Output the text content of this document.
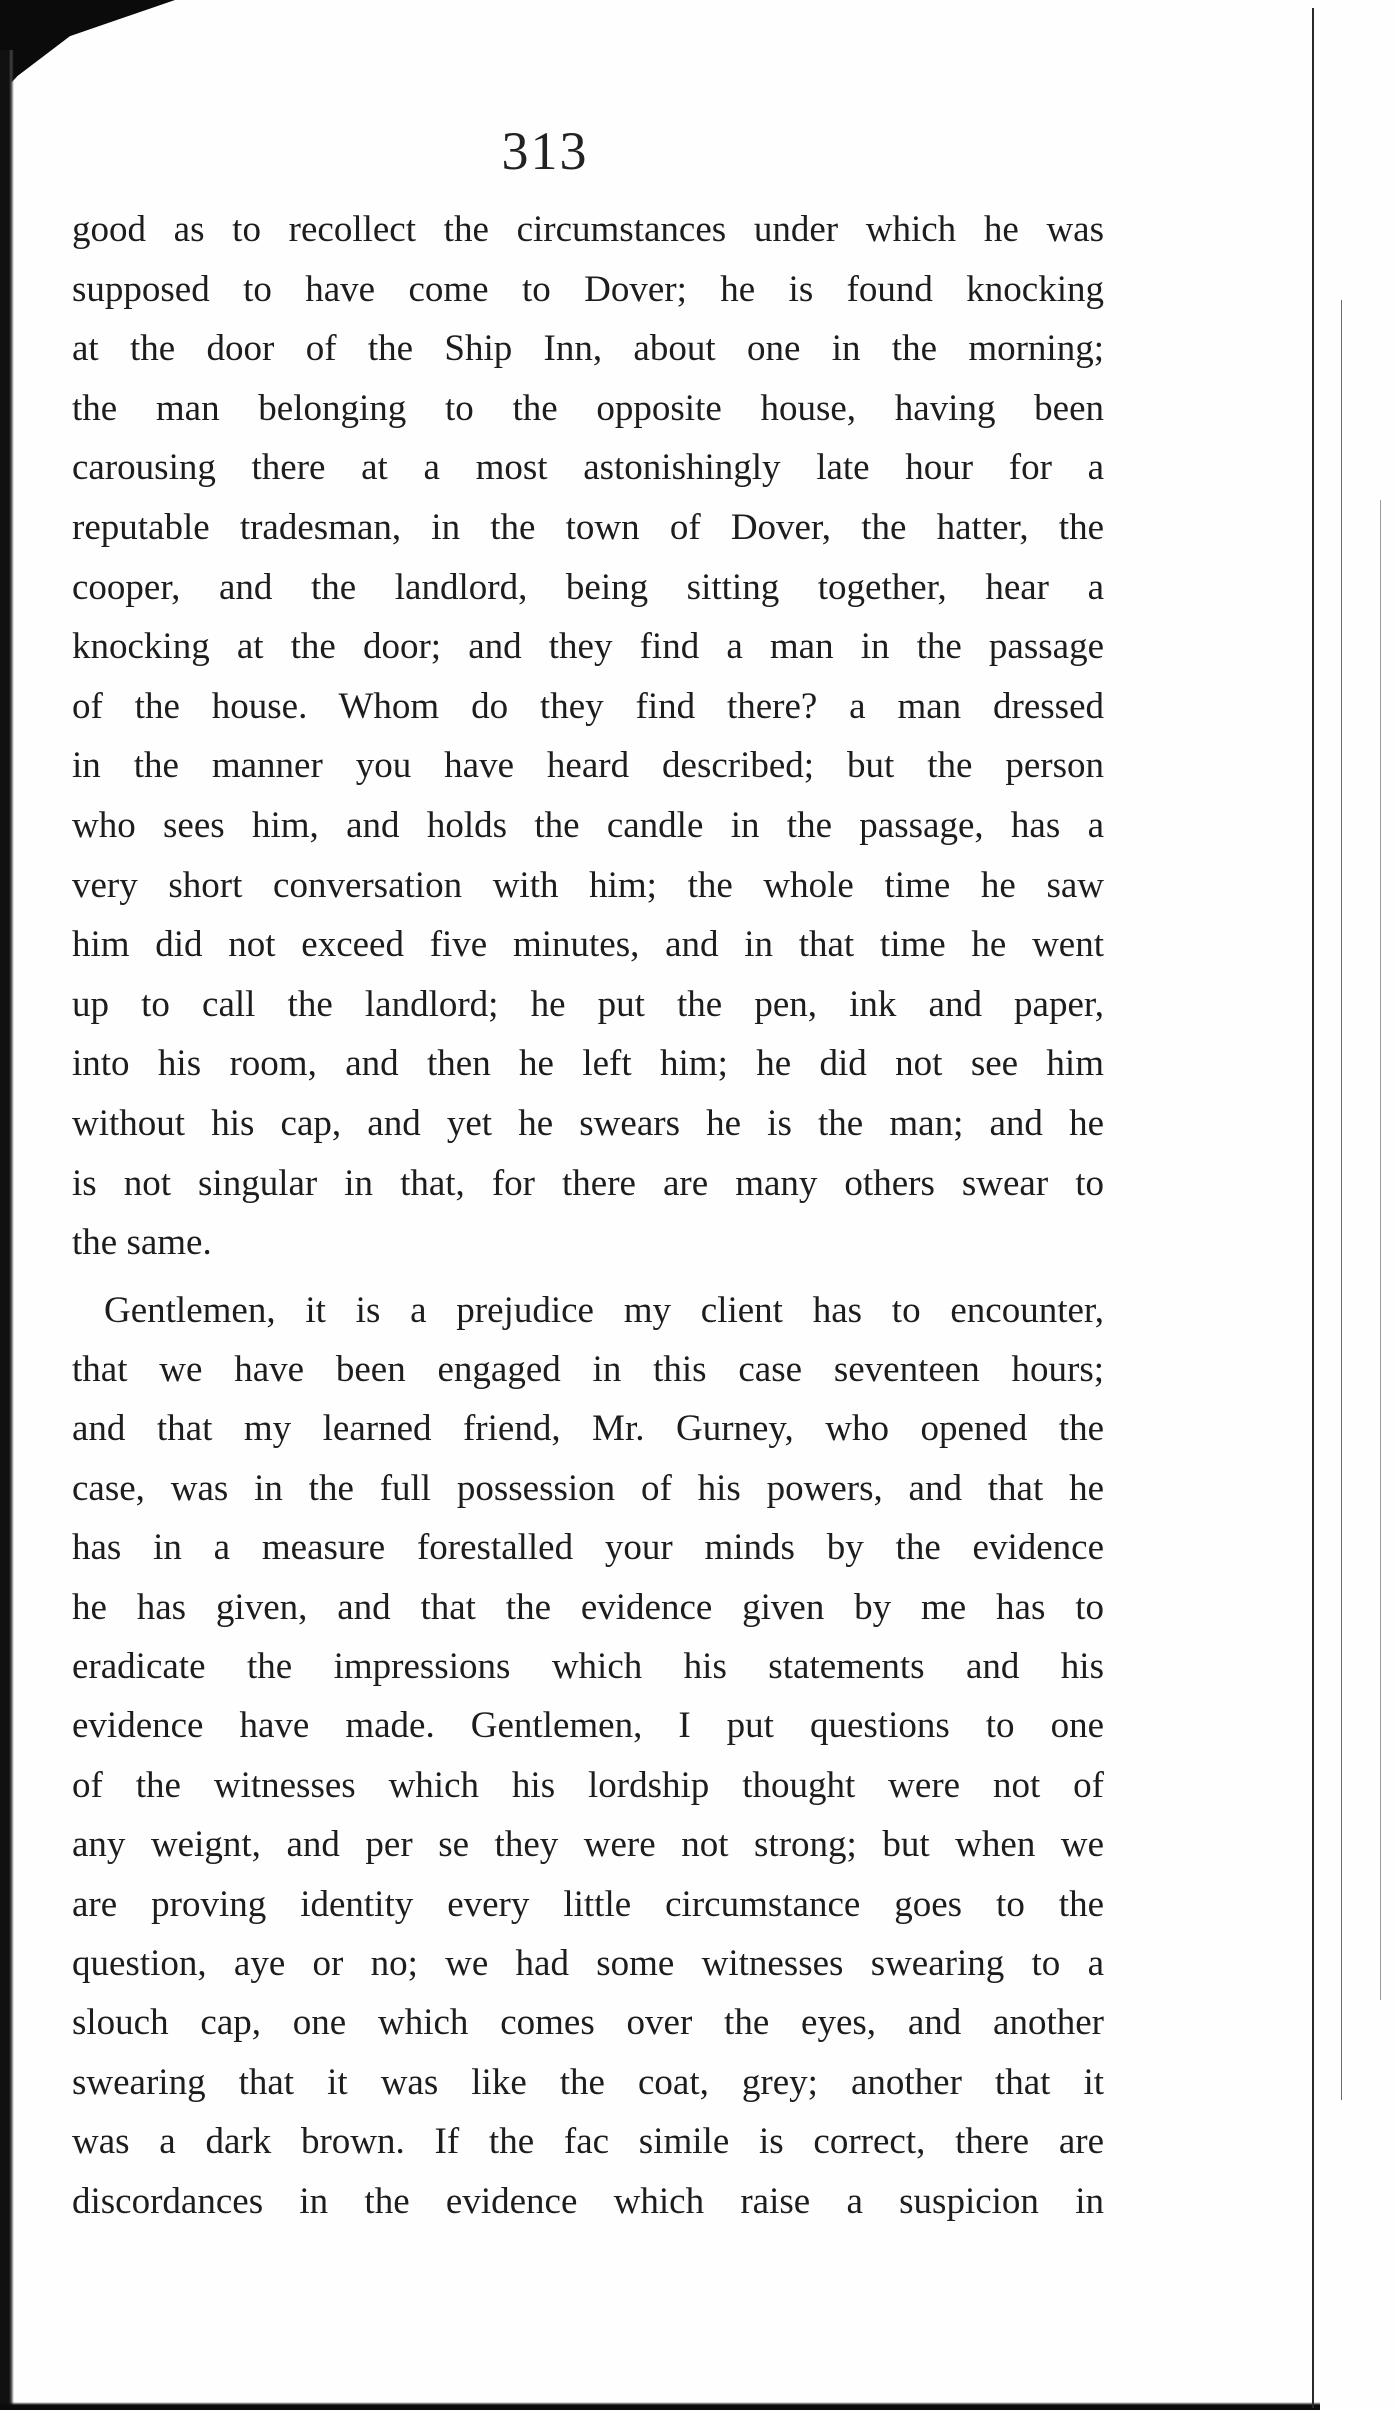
313
good as to recollect the circumstances under which he was
supposed to have come to Dover; he is found knocking
at the door of the Ship Inn, about one in the morning;
the man belonging to the opposite house, having been
carousing there at a most astonishingly late hour for a
reputable tradesman, in the town of Dover, the hatter, the
cooper, and the landlord, being sitting together, hear a
knocking at the door; and they find a man in the passage
of the house. Whom do they find there? a man dressed
in the manner you have heard described; but the person
who sees him, and holds the candle in the passage, has a
very short conversation with him; the whole time he saw
him did not exceed five minutes, and in that time he went
up to call the landlord; he put the pen, ink and paper,
into his room, and then he left him; he did not see him
without his cap, and yet he swears he is the man; and he
is not singular in that, for there are many others swear to
the same.
Gentlemen, it is a prejudice my client has to encounter,
that we have been engaged in this case seventeen hours;
and that my learned friend, Mr. Gurney, who opened the
case, was in the full possession of his powers, and that he
has in a measure forestalled your minds by the evidence
he has given, and that the evidence given by me has to
eradicate the impressions which his statements and his
evidence have made. Gentlemen, I put questions to one
of the witnesses which his lordship thought were not of
any weignt, and per se they were not strong; but when we
are proving identity every little circumstance goes to the
question, aye or no; we had some witnesses swearing to a
slouch cap, one which comes over the eyes, and another
swearing that it was like the coat, grey; another that it
was a dark brown. If the fac simile is correct, there are
discordances in the evidence which raise a suspicion in
